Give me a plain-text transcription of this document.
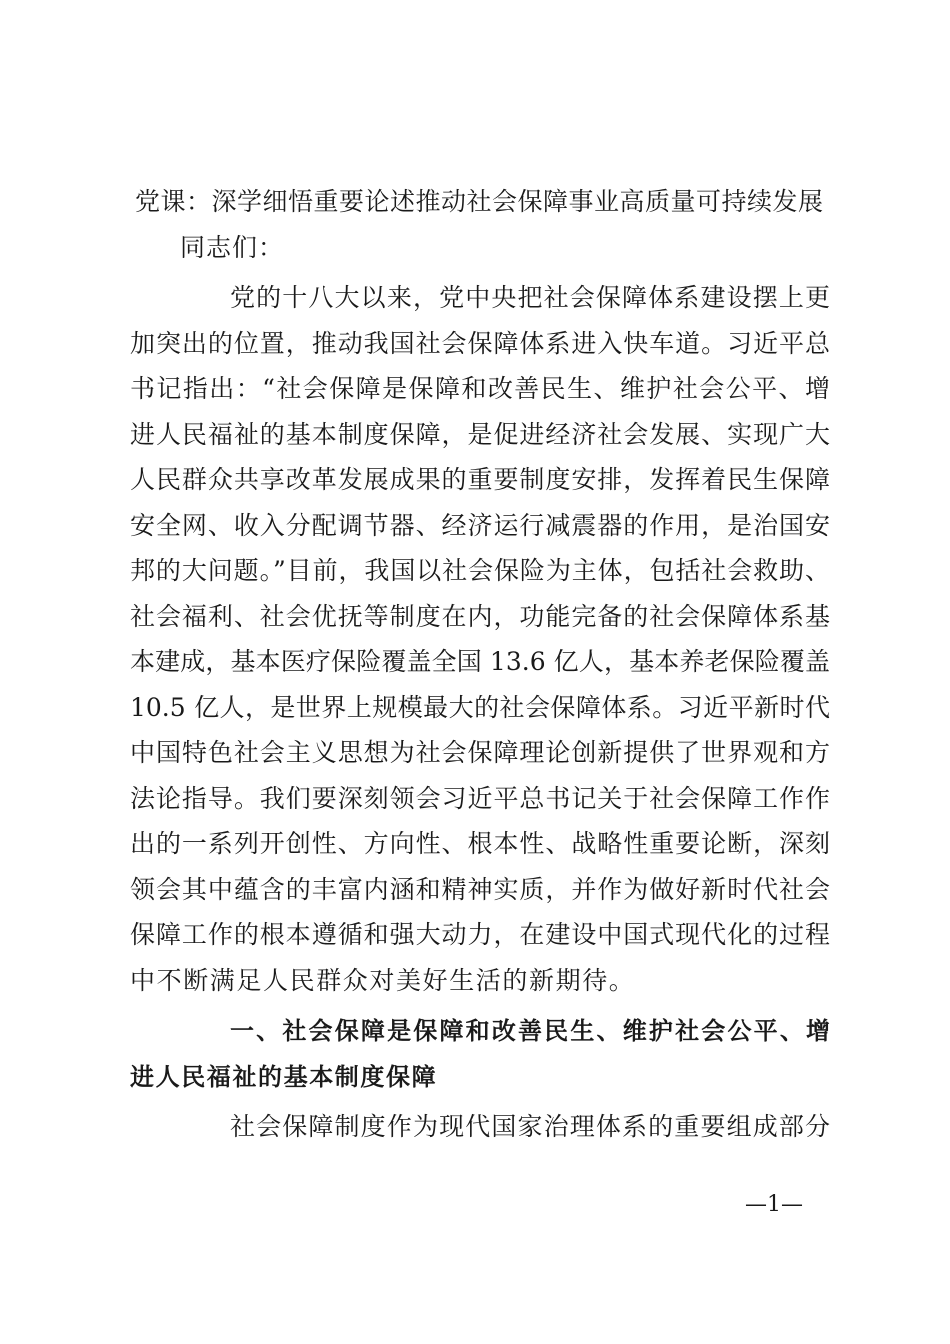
党课：深学细悟重要论述推动社会保障事业高质量可持续发展
同志们：
党的十八大以来，党中央把社会保障体系建设摆上更
加突出的位置，推动我国社会保障体系进入快车道。习近平总
书记指出：“社会保障是保障和改善民生、维护社会公平、增
进人民福祉的基本制度保障，是促进经济社会发展、实现广大
人民群众共享改革发展成果的重要制度安排，发挥着民生保障
安全网、收入分配调节器、经济运行减震器的作用，是治国安
邦的大问题。”目前，我国以社会保险为主体，包括社会救助、
社会福利、社会优抚等制度在内，功能完备的社会保障体系基
本建成，基本医疗保险覆盖全国 13.6 亿人，基本养老保险覆盖
10.5 亿人，是世界上规模最大的社会保障体系。习近平新时代
中国特色社会主义思想为社会保障理论创新提供了世界观和方
法论指导。我们要深刻领会习近平总书记关于社会保障工作作
出的一系列开创性、方向性、根本性、战略性重要论断，深刻
领会其中蕴含的丰富内涵和精神实质，并作为做好新时代社会
保障工作的根本遵循和强大动力，在建设中国式现代化的过程
中不断满足人民群众对美好生活的新期待。
一、社会保障是保障和改善民生、维护社会公平、增
进人民福祉的基本制度保障
社会保障制度作为现代国家治理体系的重要组成部分
—1—
